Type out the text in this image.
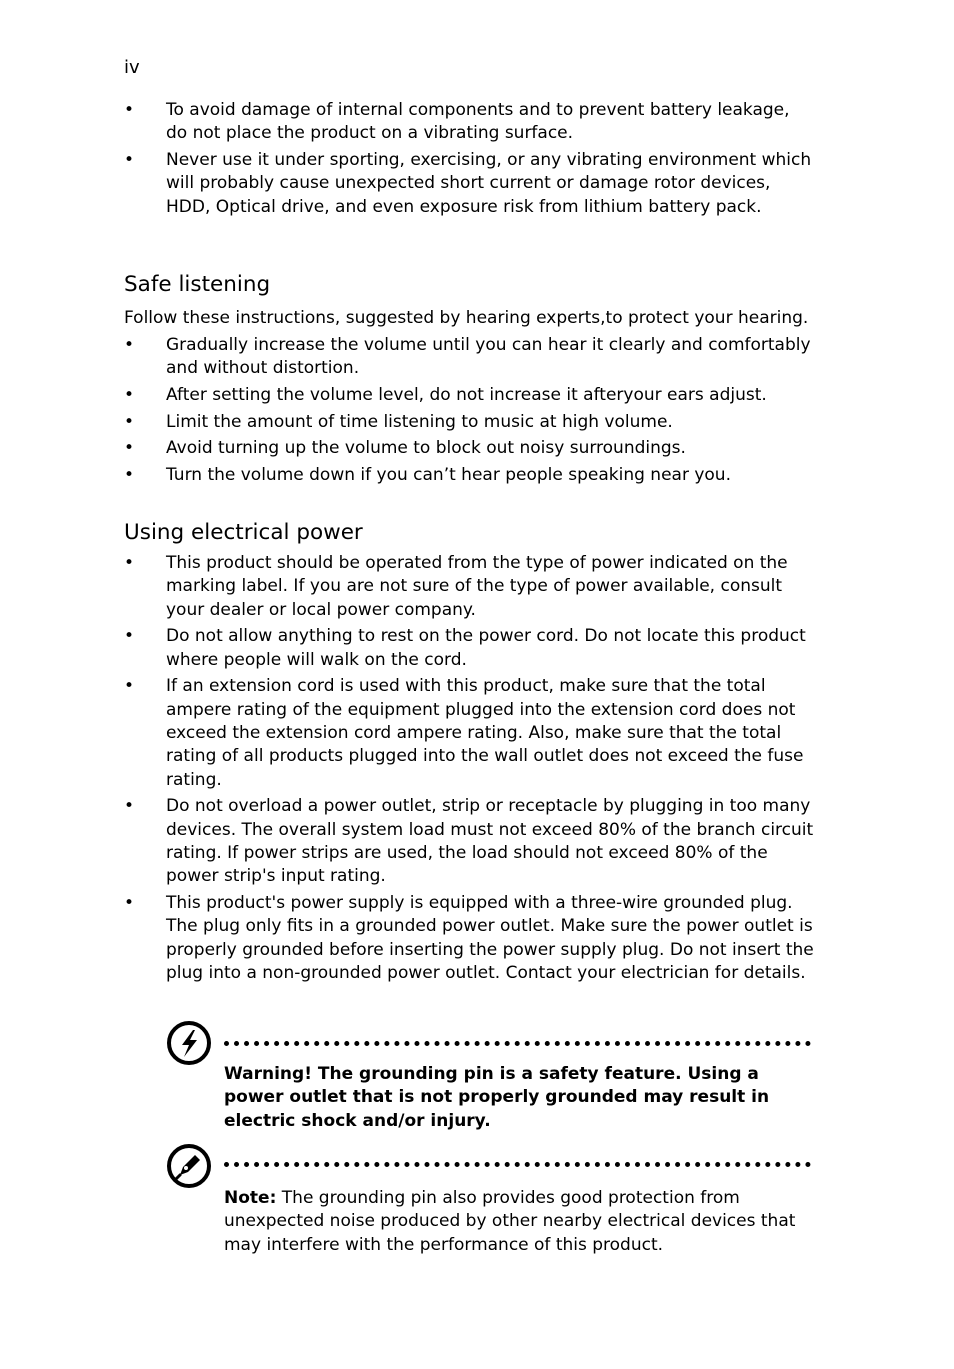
iv
• To avoid damage of internal components and to prevent battery leakage, do not place the product on a vibrating surface.
• Never use it under sporting, exercising, or any vibrating environment which will probably cause unexpected short current or damage rotor devices, HDD, Optical drive, and even exposure risk from lithium battery pack.
Safe listening

Follow these instructions, suggested by hearing experts,to protect your hearing.

• Gradually increase the volume until you can hear it clearly and comfortably and without distortion.
• After setting the volume level, do not increase it afteryour ears adjust.
• Limit the amount of time listening to music at high volume.
• Avoid turning up the volume to block out noisy surroundings.
• Turn the volume down if you can’t hear people speaking near you.
Using electrical power
• This product should be operated from the type of power indicated on the marking label. If you are not sure of the type of power available, consult your dealer or local power company.
• Do not allow anything to rest on the power cord. Do not locate this product where people will walk on the cord.
• If an extension cord is used with this product, make sure that the total ampere rating of the equipment plugged into the extension cord does not exceed the extension cord ampere rating. Also, make sure that the total rating of all products plugged into the wall outlet does not exceed the fuse rating.
• Do not overload a power outlet, strip or receptacle by plugging in too many devices. The overall system load must not exceed 80% of the branch circuit rating. If power strips are used, the load should not exceed 80% of the power strip's input rating.
• This product's power supply is equipped with a three-wire grounded plug. The plug only fits in a grounded power outlet. Make sure the power outlet is properly grounded before inserting the power supply plug. Do not insert the plug into a non-grounded power outlet. Contact your electrician for details.
Warning! The grounding pin is a safety feature. Using a power outlet that is not properly grounded may result in electric shock and/or injury.
Note: The grounding pin also provides good protection from unexpected noise produced by other nearby electrical devices that may interfere with the performance of this product.
